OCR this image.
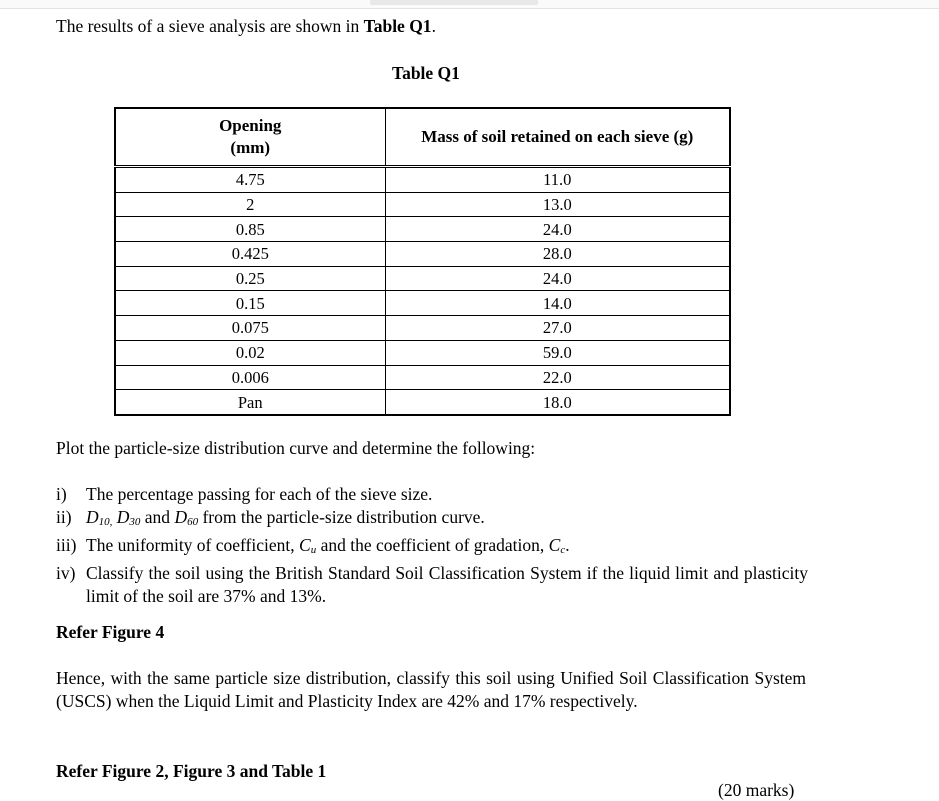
The results of a sieve analysis are shown in Table Q1.
Table Q1
Opening
(mm)	Mass of soil retained on each sieve (g)
4.75	11.0
2	13.0
0.85	24.0
0.425	28.0
0.25	24.0
0.15	14.0
0.075	27.0
0.02	59.0
0.006	22.0
Pan	18.0
Plot the particle-size distribution curve and determine the following:
i) The percentage passing for each of the sieve size.
ii) D10, D30 and D60 from the particle-size distribution curve.
iii) The uniformity of coefficient, Cu and the coefficient of gradation, Cc.
iv) Classify the soil using the British Standard Soil Classification System if the liquid limit and plasticity limit of the soil are 37% and 13%.
Refer Figure 4
Hence, with the same particle size distribution, classify this soil using Unified Soil Classification System (USCS) when the Liquid Limit and Plasticity Index are 42% and 17% respectively.
Refer Figure 2, Figure 3 and Table 1
(20 marks)
